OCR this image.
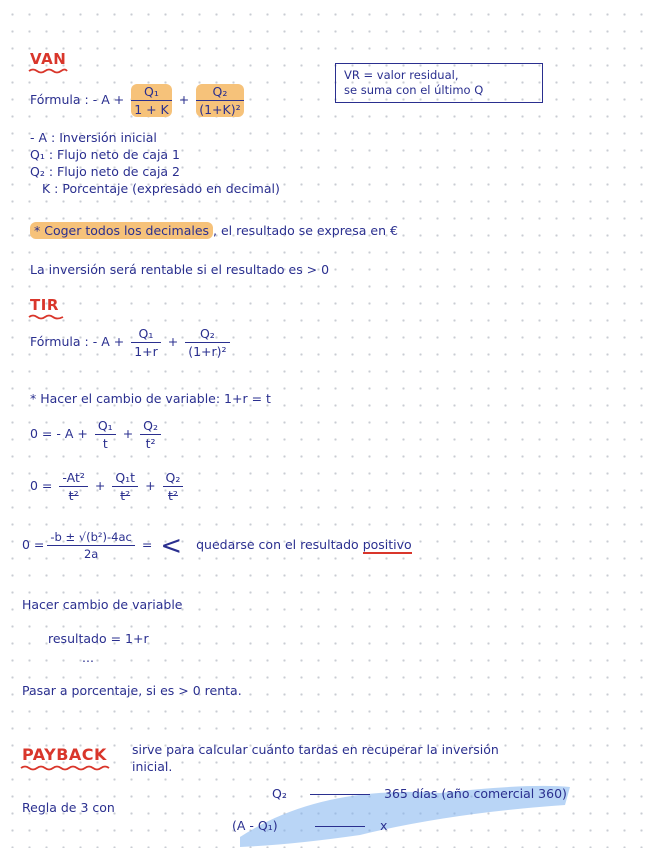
VAN
Fórmula : - $A + \frac{\text{Q₁}}{1 + K} + \frac{\text{Q₂}}{\text{(1+K)²}}$
VR = valor residual,
se suma con el último Q
- A : Inversión inicial
Q₁ : Flujo neto de caja 1
Q₂ : Flujo neto de caja 2
K : Porcentaje (expresado en decimal)
* Coger todos los decimales , el resultado se expresa en €
La inversión será rentable si el resultado es > 0
TIR
Fórmula : - $A + \frac{\text{Q₁}}{1+r} + \frac{\text{Q₂}}{\text{(1+r)²}}$
* Hacer el cambio de variable: 1+r = t
0 = - $A + \frac{\text{Q₁}}{t} + \frac{\text{Q₂}}{\text{t²}}$
$0 = \frac{\text{-At²}}{\text{t²}} + \frac{\text{Q₁t}}{\text{t²}} + \frac{\text{Q₂}}{\text{t²}}$
$0 = \frac{\text{-b ± √(b²)-4ac}}{2a}$ = < quedarse con el resultado positivo
Hacer cambio de variable
resultado = 1+r
...
Pasar a porcentaje, si es > 0 renta.
PAYBACK sirve para calcular cuánto tardas en recuperar la inversión
inicial.
Regla de 3 con
Q₂	365 días (año comercial 360)
(A - Q₁)	x
